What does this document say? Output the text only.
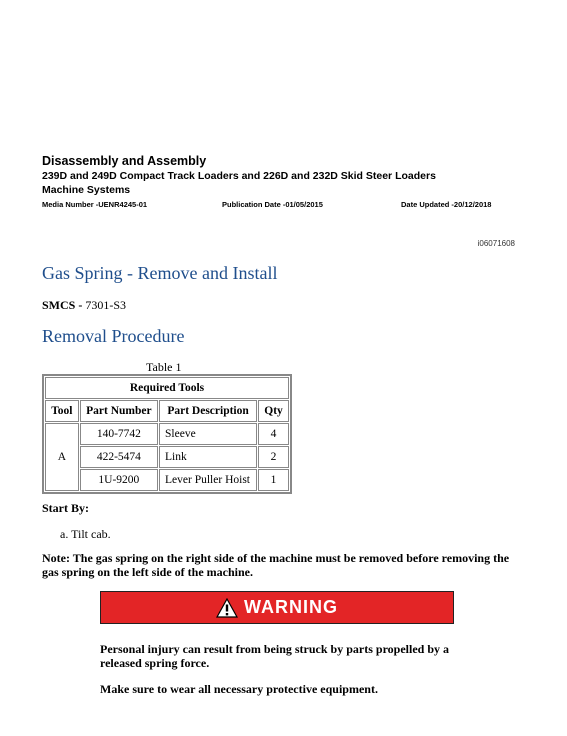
Disassembly and Assembly
239D and 249D Compact Track Loaders and 226D and 232D Skid Steer Loaders
Machine Systems
Media Number -UENR4245-01	Publication Date -01/05/2015	Date Updated -20/12/2018
i06071608
Gas Spring - Remove and Install
SMCS - 7301-S3
Removal Procedure
Table 1
Required Tools			
Tool	Part Number	Part Description	Qty
A	140-7742	Sleeve	4
	422-5474	Link	2
	1U-9200	Lever Puller Hoist	1
Start By:
a. Tilt cab.
Note: The gas spring on the right side of the machine must be removed before removing the gas spring on the left side of the machine.
WARNING
Personal injury can result from being struck by parts propelled by a released spring force.
Make sure to wear all necessary protective equipment.
